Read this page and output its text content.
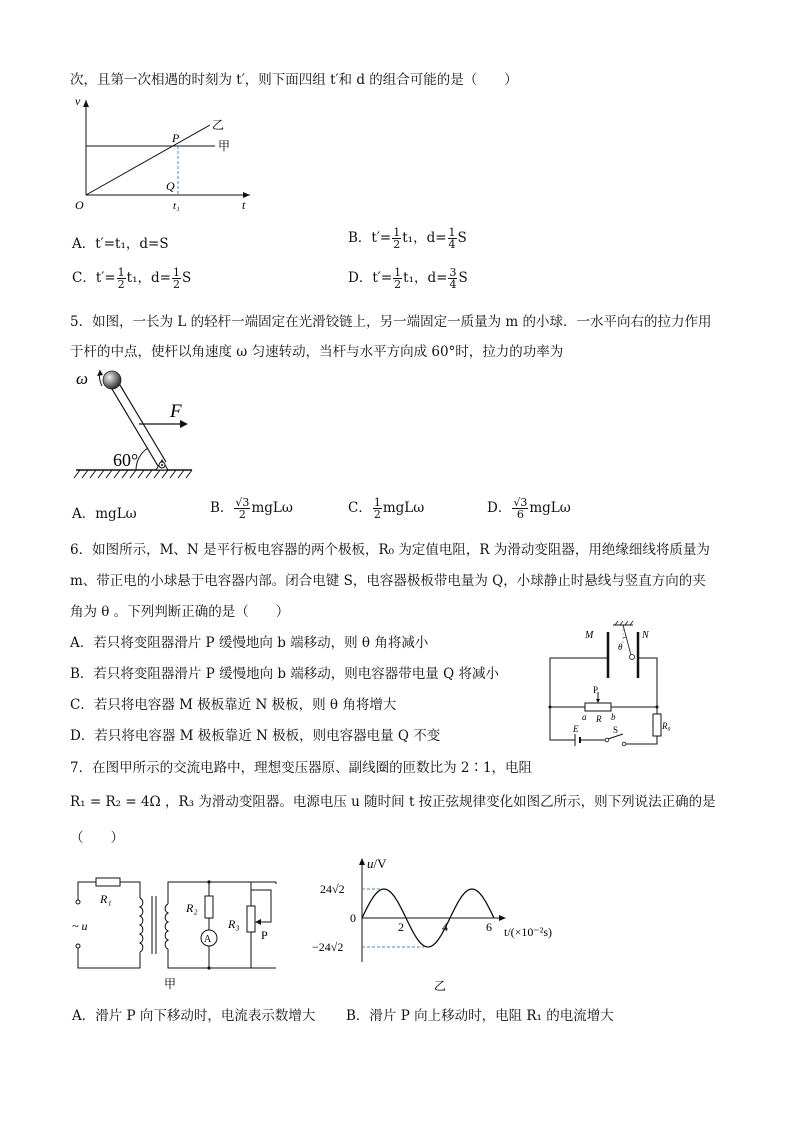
次，且第一次相遇的时刻为 t′，则下面四组 t′和 d 的组合可能的是（　　）
v
t
O
P
Q
t₁
甲
乙
A．t′=t₁，d=S	B．$t'= \frac{1}{2} t_1$，$d= \frac{1}{4}$ S
C．$t'= \frac{1}{2} t_1$，$d= \frac{1}{2}$ S	D．$t'= \frac{1}{2} t_1$，$d= \frac{3}{4}$ S
5．如图，一长为 L 的轻杆一端固定在光滑铰链上，另一端固定一质量为 m 的小球．一水平向右的拉力作用
于杆的中点，使杆以角速度 ω 匀速转动，当杆与水平方向成 60°时，拉力的功率为
ω
F
60°
A．mgLω	B． $\frac{√3}{2}$ mgLω	C． $\frac{1}{2}$ mgLω	D． $\frac{√3}{6}$ mgLω
6．如图所示，M、N 是平行板电容器的两个极板，R₀ 为定值电阻，R 为滑动变阻器，用绝缘细线将质量为
m、带正电的小球悬于电容器内部。闭合电键 S，电容器极板带电量为 Q，小球静止时悬线与竖直方向的夹
角为 θ 。下列判断正确的是（　　）
A．若只将变阻器滑片 P 缓慢地向 b 端移动，则 θ 角将减小
B．若只将变阻器滑片 P 缓慢地向 b 端移动，则电容器带电量 Q 将减小
C．若只将电容器 M 极板靠近 N 极板，则 θ 角将增大
D．若只将电容器 M 极板靠近 N 极板，则电容器电量 Q 不变
M	N
θ
P
a R b
R₀
E	S
7．在图甲所示的交流电路中，理想变压器原、副线圈的匝数比为 2∶1，电阻
R₁ = R₂ = 4Ω ，R₃ 为滑动变阻器。电源电压 u 随时间 t 按正弦规律变化如图乙所示，则下列说法正确的是
（　　）
R₁
R₂
R₃
A	P
~ u
甲
u/V
24√2
0
−24√2
2	4	6 t/(×10⁻²s)
乙
A．滑片 P 向下移动时，电流表示数增大 B．滑片 P 向上移动时，电阻 R₁ 的电流增大
